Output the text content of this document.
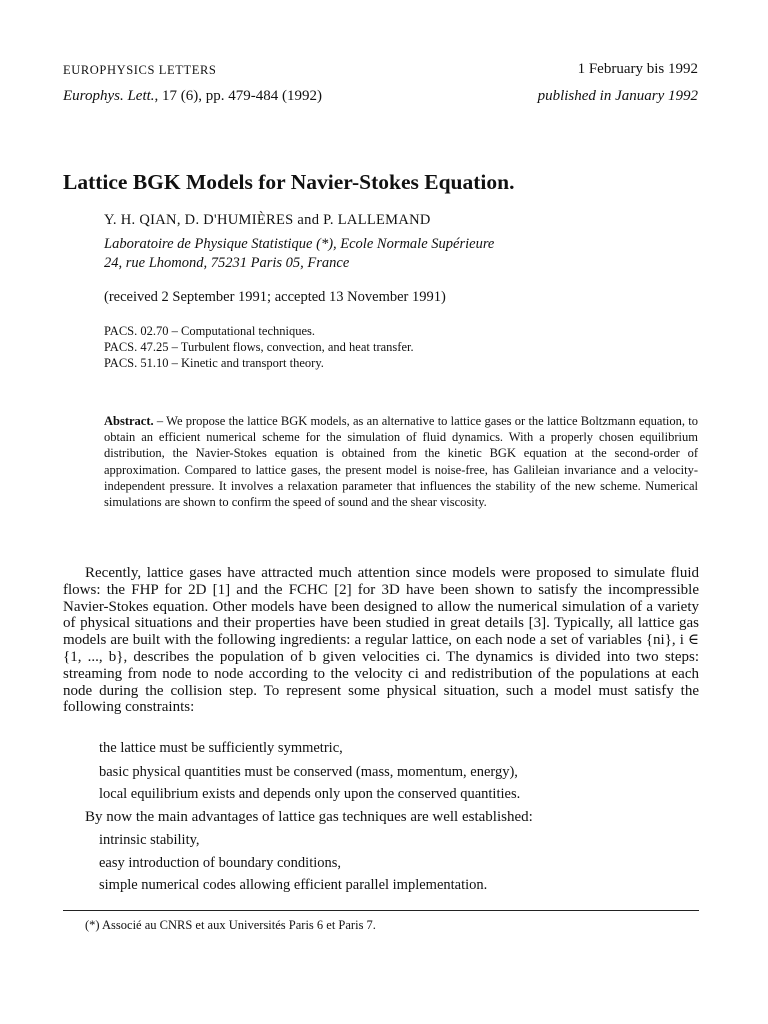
EUROPHYSICS LETTERS	1 February bis 1992
Europhys. Lett., 17 (6), pp. 479-484 (1992)	published in January 1992
Lattice BGK Models for Navier-Stokes Equation.
Y. H. QIAN, D. D'HUMIÈRES and P. LALLEMAND
Laboratoire de Physique Statistique (*), Ecole Normale Supérieure
24, rue Lhomond, 75231 Paris 05, France
(received 2 September 1991; accepted 13 November 1991)
PACS. 02.70 – Computational techniques.
PACS. 47.25 – Turbulent flows, convection, and heat transfer.
PACS. 51.10 – Kinetic and transport theory.
Abstract. – We propose the lattice BGK models, as an alternative to lattice gases or the lattice Boltzmann equation, to obtain an efficient numerical scheme for the simulation of fluid dynamics. With a properly chosen equilibrium distribution, the Navier-Stokes equation is obtained from the kinetic BGK equation at the second-order of approximation. Compared to lattice gases, the present model is noise-free, has Galileian invariance and a velocity-independent pressure. It involves a relaxation parameter that influences the stability of the new scheme. Numerical simulations are shown to confirm the speed of sound and the shear viscosity.
Recently, lattice gases have attracted much attention since models were proposed to simulate fluid flows: the FHP for 2D [1] and the FCHC [2] for 3D have been shown to satisfy the incompressible Navier-Stokes equation. Other models have been designed to allow the numerical simulation of a variety of physical situations and their properties have been studied in great details [3]. Typically, all lattice gas models are built with the following ingredients: a regular lattice, on each node a set of variables {ni}, i ∈ {1, ..., b}, describes the population of b given velocities ci. The dynamics is divided into two steps: streaming from node to node according to the velocity ci and redistribution of the populations at each node during the collision step. To represent some physical situation, such a model must satisfy the following constraints:
the lattice must be sufficiently symmetric,
basic physical quantities must be conserved (mass, momentum, energy),
local equilibrium exists and depends only upon the conserved quantities.
By now the main advantages of lattice gas techniques are well established:
intrinsic stability,
easy introduction of boundary conditions,
simple numerical codes allowing efficient parallel implementation.
(*) Associé au CNRS et aux Universités Paris 6 et Paris 7.
